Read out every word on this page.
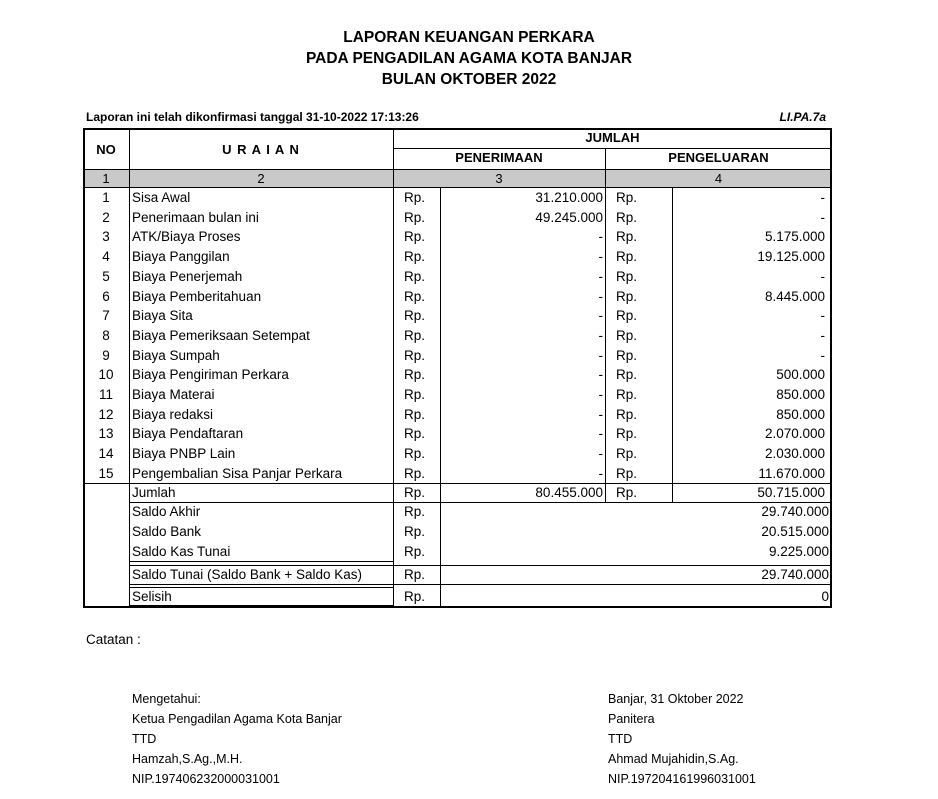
LAPORAN KEUANGAN PERKARA
PADA PENGADILAN AGAMA KOTA BANJAR
BULAN OKTOBER 2022
Laporan ini telah dikonfirmasi tanggal 31-10-2022 17:13:26	LI.PA.7a
NO	U R A I A N
JUMLAH
PENERIMAAN	PENGELUARAN
1	2	3	4
1	Sisa Awal	Rp.	31.210.000 Rp.	-
2	Penerimaan bulan ini	Rp.	49.245.000 Rp.	-
3	ATK/Biaya Proses	Rp.	- Rp.	5.175.000
4	Biaya Panggilan	Rp.	- Rp.	19.125.000
5	Biaya Penerjemah	Rp.	- Rp.	-
6	Biaya Pemberitahuan	Rp.	- Rp.	8.445.000
7	Biaya Sita	Rp.	- Rp.	-
8	Biaya Pemeriksaan Setempat	Rp.	- Rp.	-
9	Biaya Sumpah	Rp.	- Rp.	-
10	Biaya Pengiriman Perkara	Rp.	- Rp.	500.000
11	Biaya Materai	Rp.	- Rp.	850.000
12	Biaya redaksi	Rp.	- Rp.	850.000
13	Biaya Pendaftaran	Rp.	- Rp.	2.070.000
14	Biaya PNBP Lain	Rp.	- Rp.	2.030.000
15	Pengembalian Sisa Panjar Perkara	Rp.	- Rp.	11.670.000
Jumlah	Rp.	80.455.000 Rp.	50.715.000
Saldo Akhir	Rp.	29.740.000
Saldo Bank	Rp.	20.515.000
Saldo Kas Tunai	Rp.	9.225.000
Saldo Tunai (Saldo Bank + Saldo Kas)	Rp.	29.740.000
Selisih	Rp.	0
Catatan :
Mengetahui:
Ketua Pengadilan Agama Kota Banjar
TTD
Hamzah,S.Ag.,M.H.
NIP.197406232000031001
Banjar, 31 Oktober 2022
Panitera
TTD
Ahmad Mujahidin,S.Ag.
NIP.197204161996031001
